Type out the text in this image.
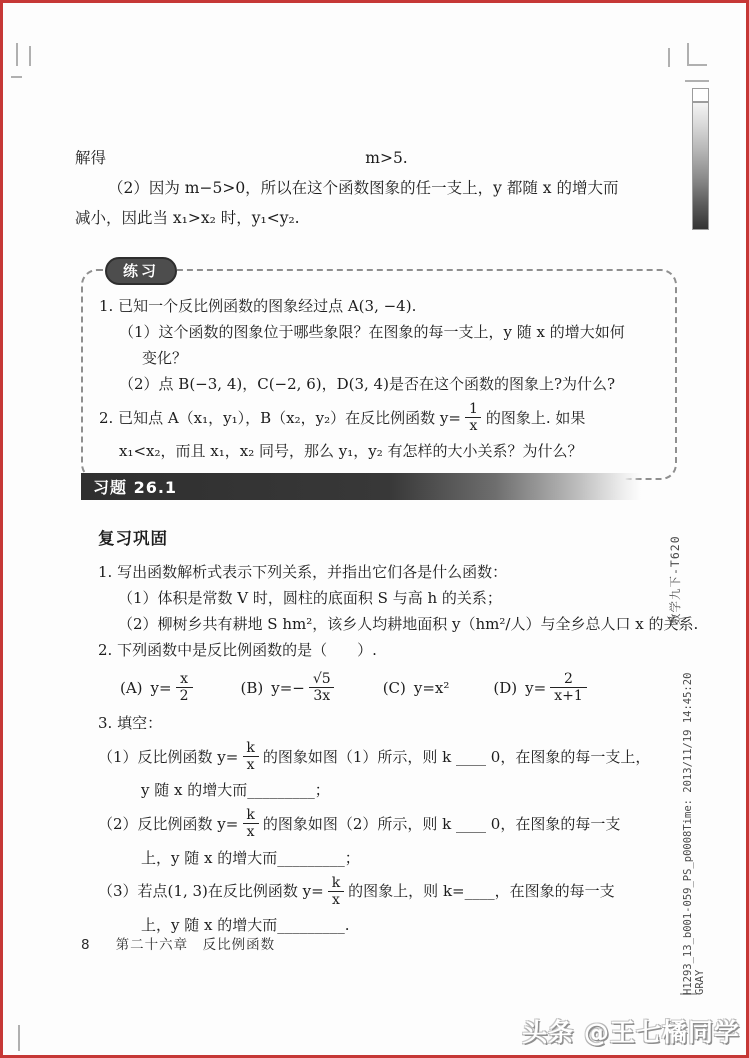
解得	m>5.
（2）因为 m−5>0，所以在这个函数图象的任一支上，y 都随 x 的增大而
减小，因此当 x₁>x₂ 时，y₁<y₂.
练习
1. 已知一个反比例函数的图象经过点 A(3, −4).
（1）这个函数的图象位于哪些象限？在图象的每一支上，y 随 x 的增大如何
变化？
（2）点 B(−3, 4)，C(−2, 6)，D(3, 4)是否在这个函数的图象上?为什么?
2. 已知点 A（x₁，y₁），B（x₂，y₂）在反比例函数 $y= \frac{1}{x}$ 的图象上. 如果
x₁<x₂，而且 x₁，x₂ 同号，那么 y₁，y₂ 有怎样的大小关系？为什么？
习题 26.1
复习巩固
1. 写出函数解析式表示下列关系，并指出它们各是什么函数：
（1）体积是常数 V 时，圆柱的底面积 S 与高 h 的关系；
（2）柳树乡共有耕地 S hm²，该乡人均耕地面积 y（hm²/人）与全乡总人口 x 的关系.
2. 下列函数中是反比例函数的是（　　）.
(A) $y= \frac{x}{2}$	(B) $y=- \frac{√5}{3x}$	(C) y=x²	(D) $y= \frac{2}{x+1}$
3. 填空：
（1）反比例函数 $y= \frac{k}{x}$ 的图象如图（1）所示，则 k ____ 0，在图象的每一支上，
y 随 x 的增大而_________；
（2）反比例函数 $y= \frac{k}{x}$ 的图象如图（2）所示，则 k ____ 0，在图象的每一支
上，y 随 x 的增大而_________；
（3）若点(1, 3)在反比例函数 $y= \frac{k}{x}$ 的图象上，则 k=____，在图象的每一支
上，y 随 x 的增大而_________.
8 第二十六章　反比例函数
数学九下-T620
H1293_13_b001-059_PS_p0008Time: 2013/11/19 14:45:20 GRAY
头条 @王七橘同学
